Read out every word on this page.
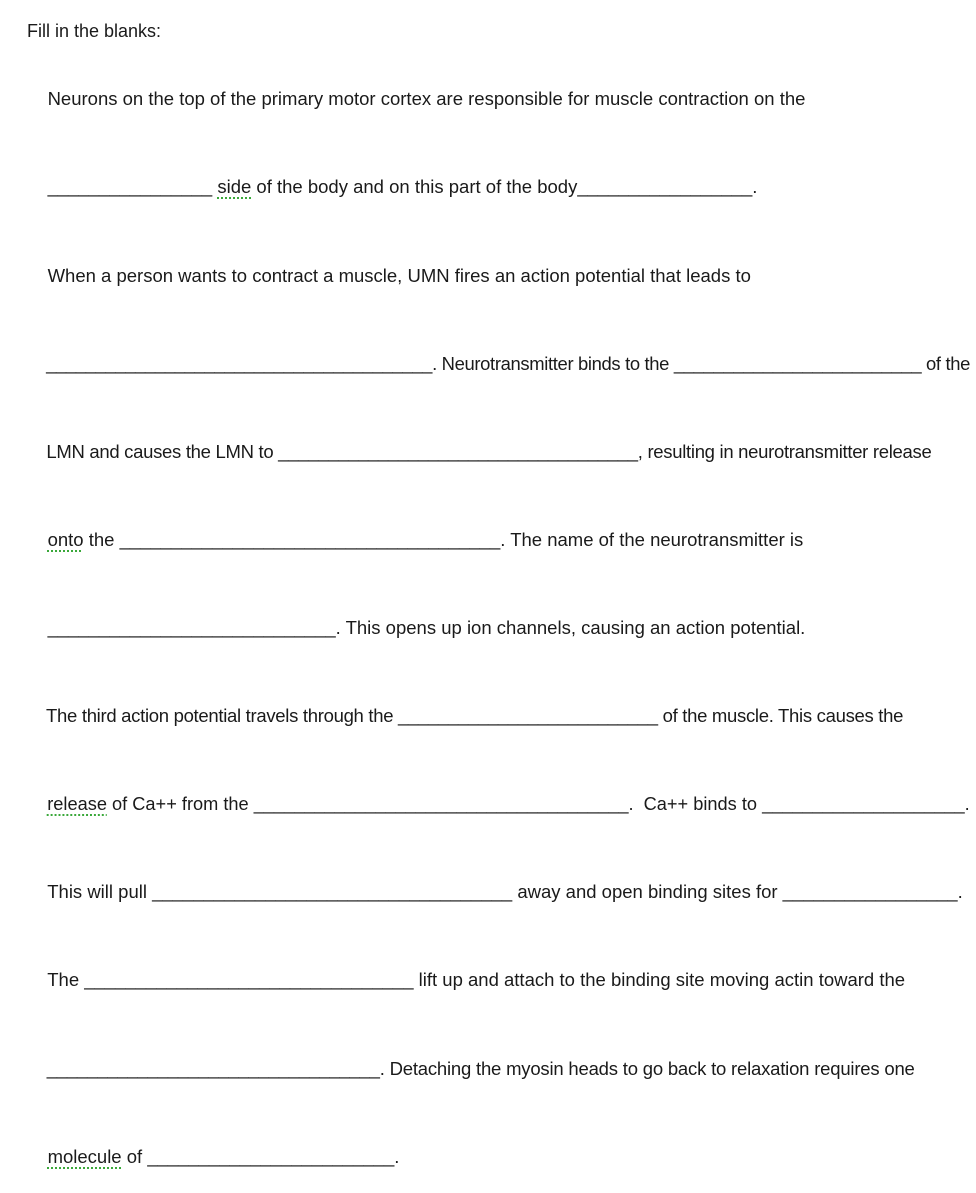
Fill in the blanks:

Neurons on the top of the primary motor cortex are responsible for muscle contraction on the

________________ side of the body and on this part of the body_________________.

When a person wants to contract a muscle, UMN fires an action potential that leads to

_______________________________________. Neurotransmitter binds to the _________________________ of the

LMN and causes the LMN to ____________________________________, resulting in neurotransmitter release

onto the _____________________________________. The name of the neurotransmitter is

____________________________. This opens up ion channels, causing an action potential.

The third action potential travels through the __________________________ of the muscle. This causes the

release of Ca++ from the _____________________________________.  Ca++ binds to ____________________.

This will pull ___________________________________ away and open binding sites for _________________.

The ________________________________ lift up and attach to the binding site moving actin toward the

_________________________________. Detaching the myosin heads to go back to relaxation requires one

molecule of ________________________.
